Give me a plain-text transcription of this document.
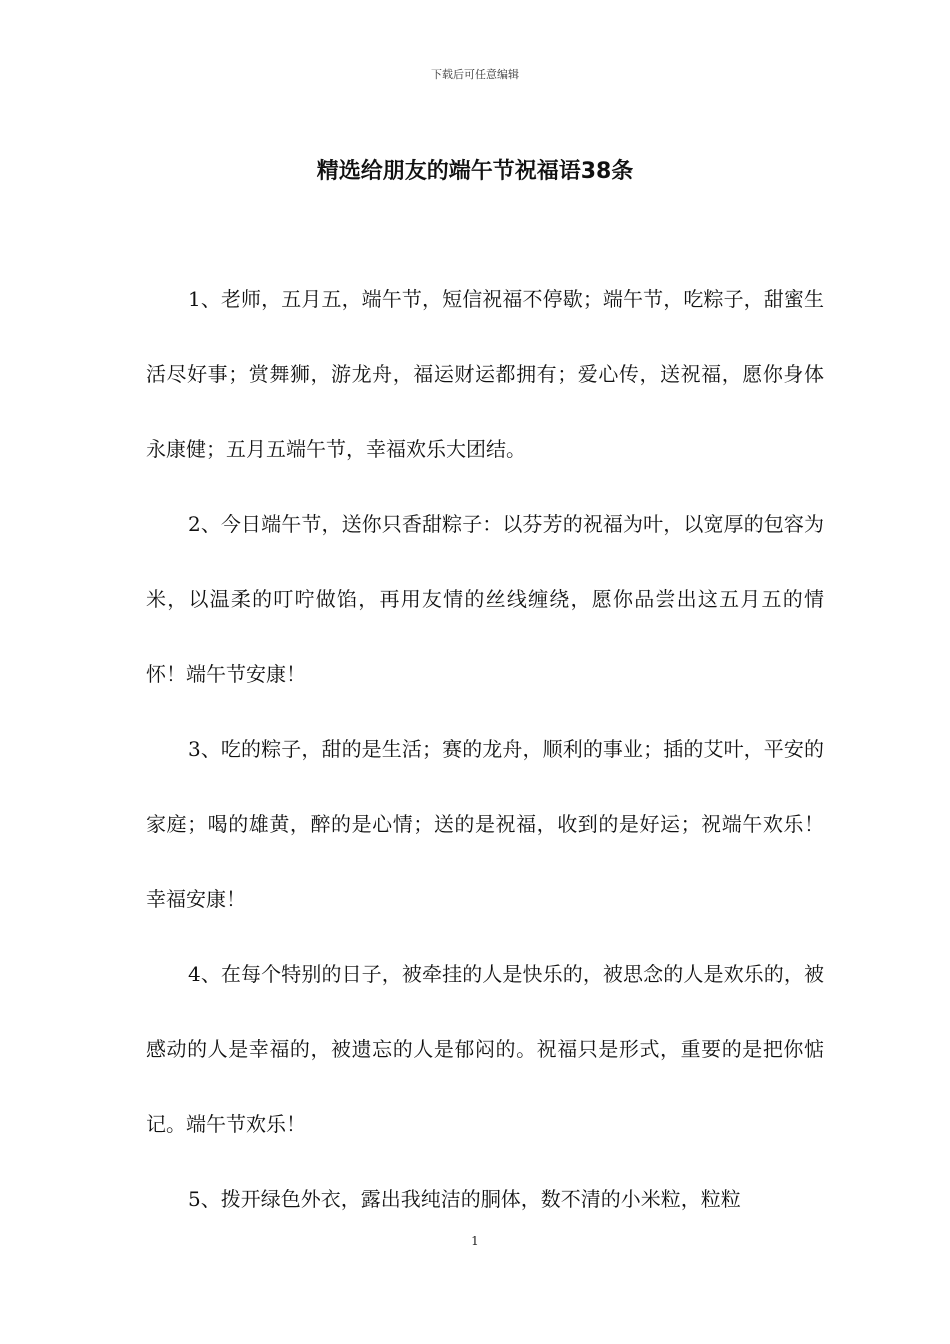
下载后可任意编辑
精选给朋友的端午节祝福语38条

1、老师，五月五，端午节，短信祝福不停歇；端午节，吃粽子，甜蜜生活尽好事；赏舞狮，游龙舟，福运财运都拥有；爱心传，送祝福，愿你身体永康健；五月五端午节，幸福欢乐大团结。

2、今日端午节，送你只香甜粽子：以芬芳的祝福为叶，以宽厚的包容为米，以温柔的叮咛做馅，再用友情的丝线缠绕，愿你品尝出这五月五的情怀！端午节安康！

3、吃的粽子，甜的是生活；赛的龙舟，顺利的事业；插的艾叶，平安的家庭；喝的雄黄，醉的是心情；送的是祝福，收到的是好运；祝端午欢乐！幸福安康！

4、在每个特别的日子，被牵挂的人是快乐的，被思念的人是欢乐的，被感动的人是幸福的，被遗忘的人是郁闷的。祝福只是形式，重要的是把你惦记。端午节欢乐！

5、拨开绿色外衣，露出我纯洁的胴体，数不清的小米粒，粒粒

1
